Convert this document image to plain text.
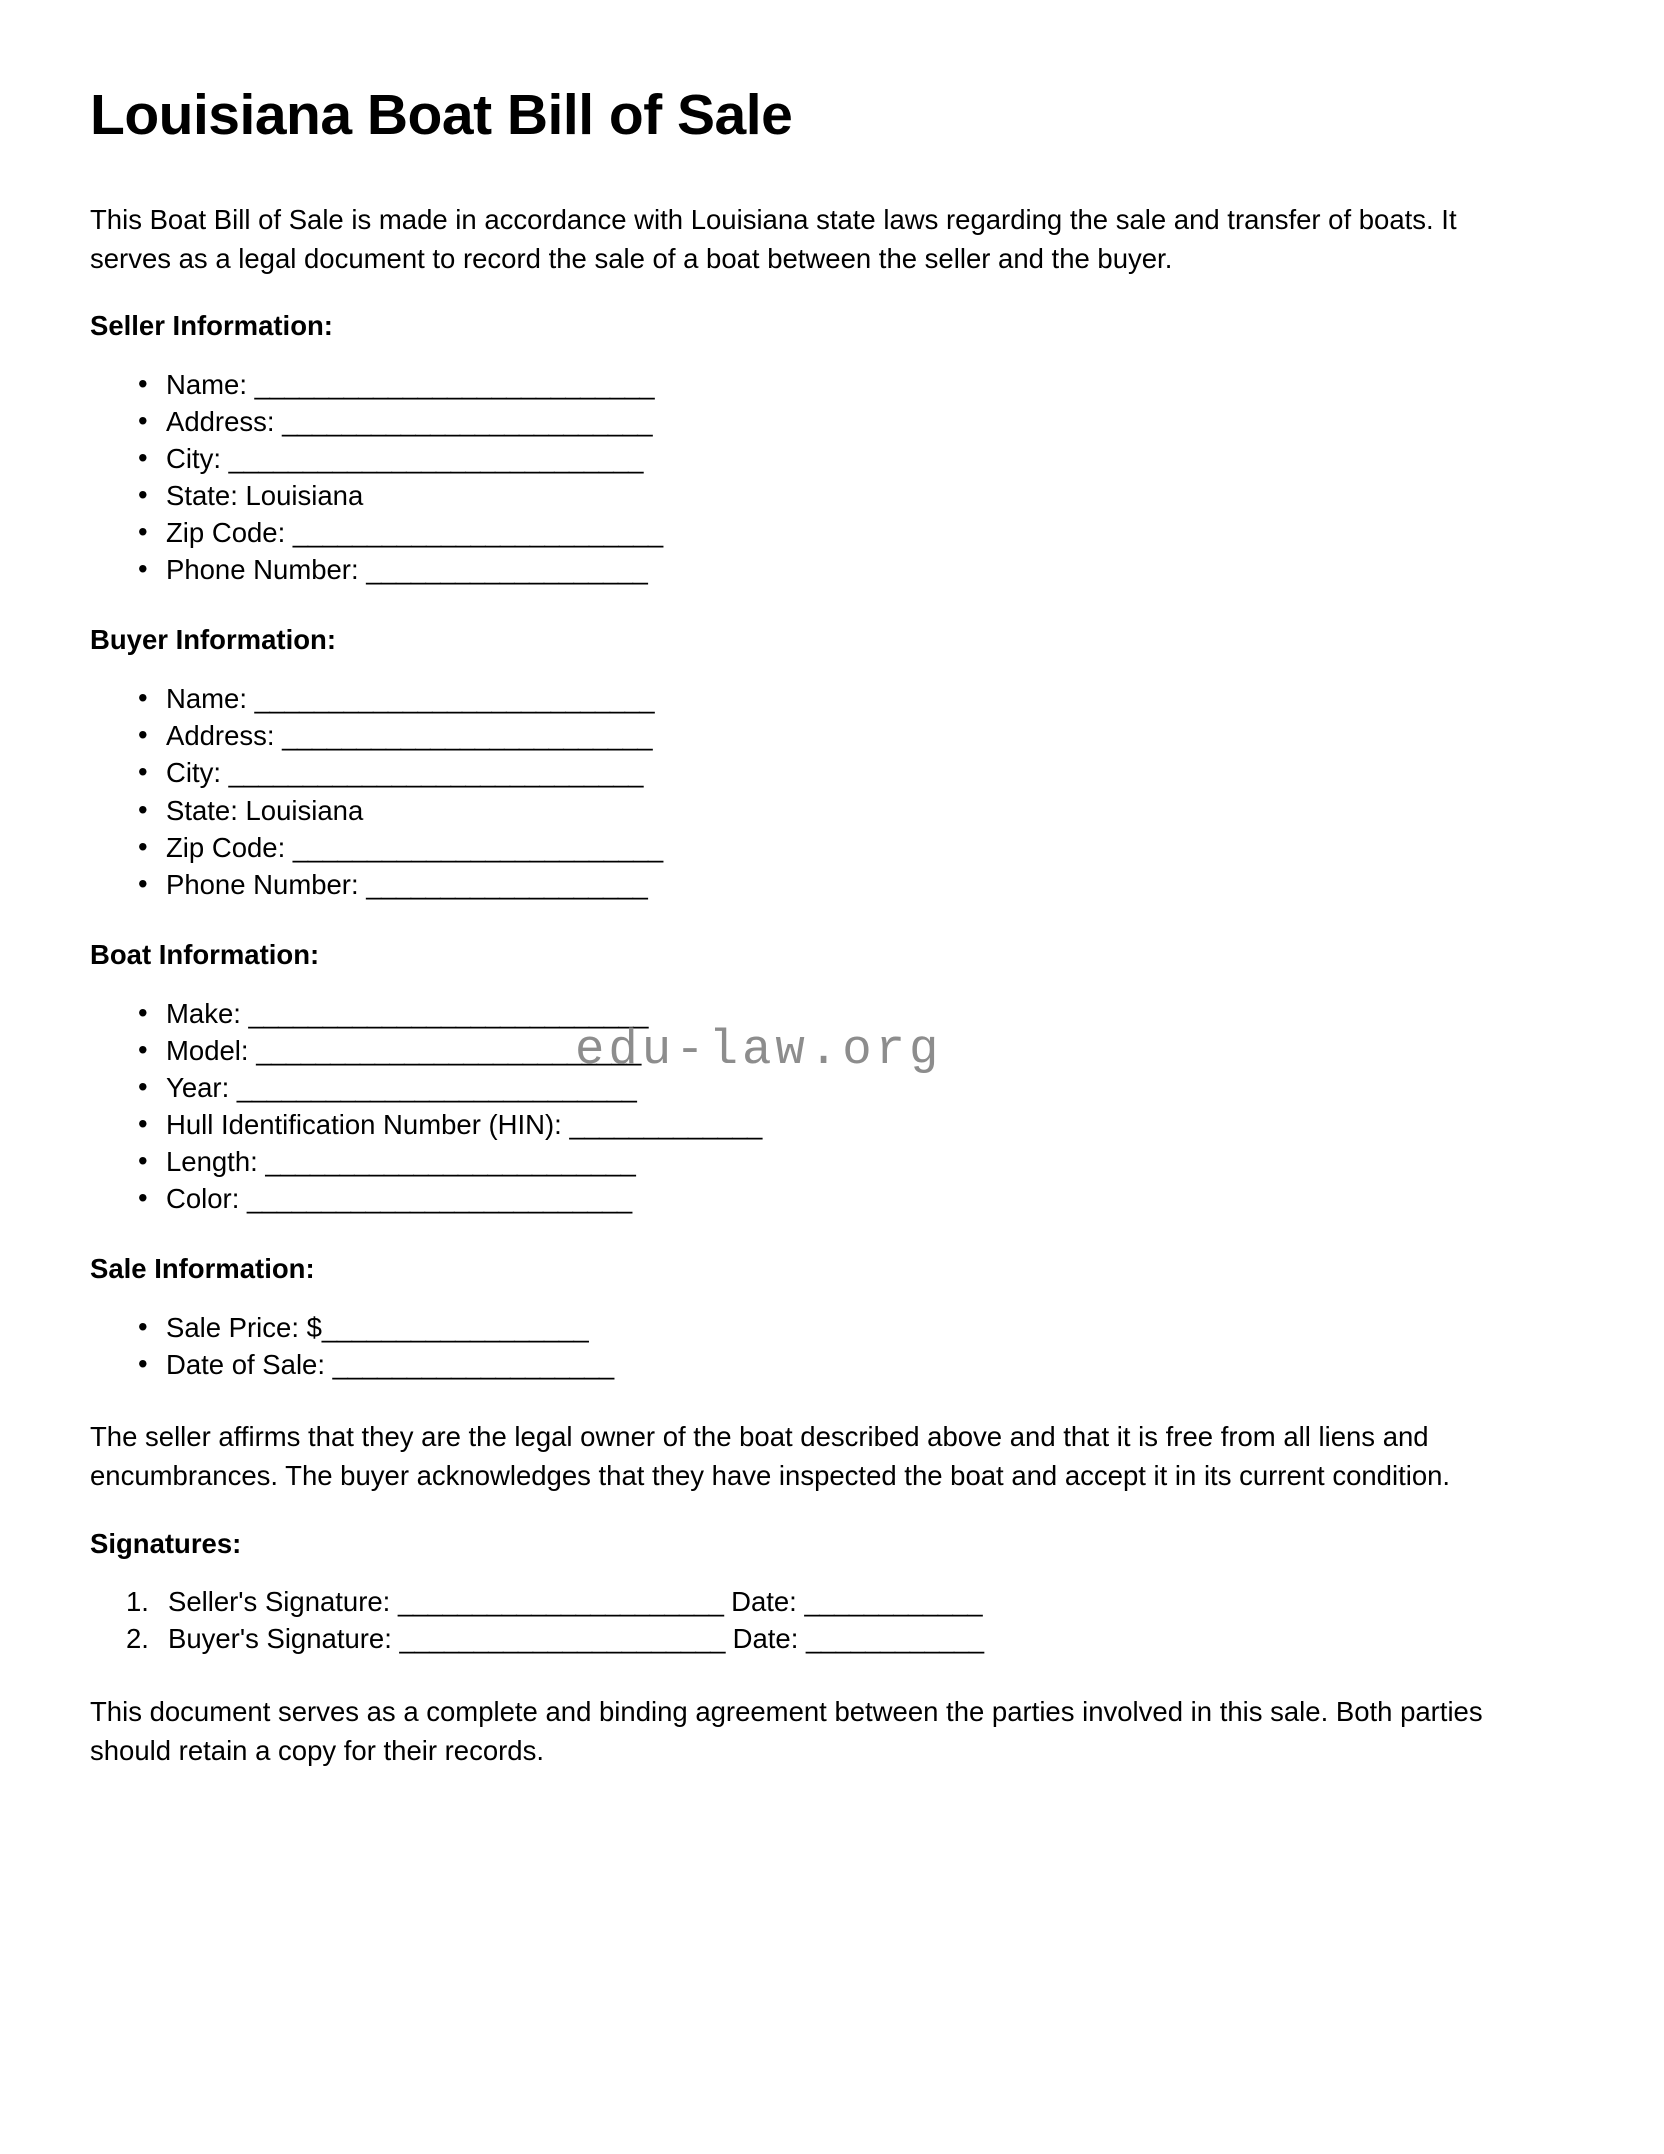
Louisiana Boat Bill of Sale

This Boat Bill of Sale is made in accordance with Louisiana state laws regarding the sale and transfer of boats. It serves as a legal document to record the sale of a boat between the seller and the buyer.

Seller Information:
• Name: ___________________________
• Address: _________________________
• City: ____________________________
• State: Louisiana
• Zip Code: _________________________
• Phone Number: ___________________
Buyer Information:
• Name: ___________________________
• Address: _________________________
• City: ____________________________
• State: Louisiana
• Zip Code: _________________________
• Phone Number: ___________________
Boat Information:
• Make: ___________________________
• Model: __________________________
• Year: ___________________________
• Hull Identification Number (HIN): _____________
• Length: _________________________
• Color: __________________________
Sale Information:
• Sale Price: $__________________
• Date of Sale: ___________________

The seller affirms that they are the legal owner of the boat described above and that it is free from all liens and encumbrances. The buyer acknowledges that they have inspected the boat and accept it in its current condition.

Signatures:
Seller's Signature: ______________________ Date: ____________
Buyer's Signature: ______________________ Date: ____________

This document serves as a complete and binding agreement between the parties involved in this sale. Both parties should retain a copy for their records.

edu-law.org
